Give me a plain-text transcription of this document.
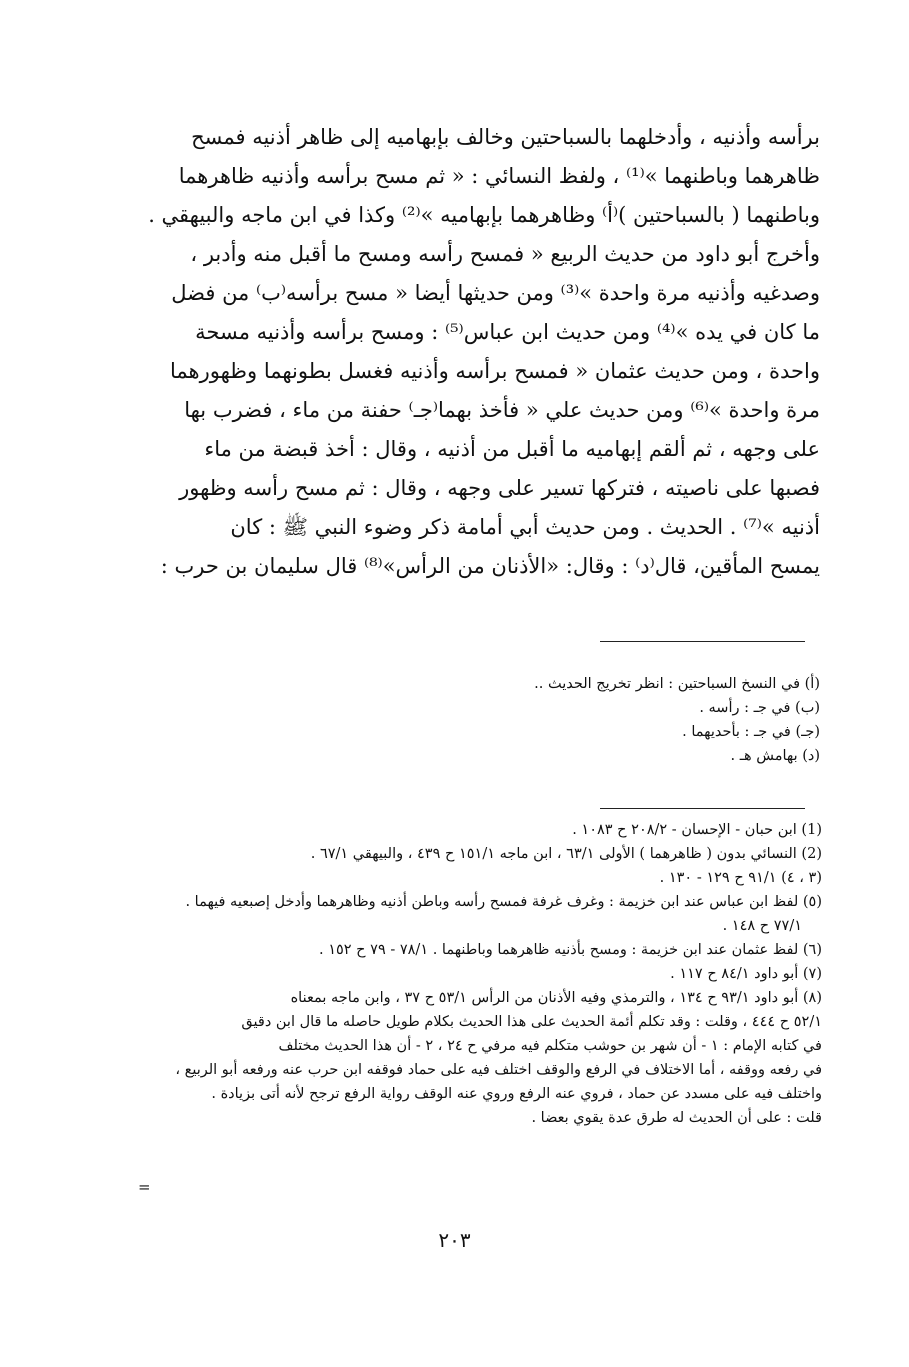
برأسه وأذنيه ، وأدخلهما بالسباحتين وخالف بإبهاميه إلى ظاهر أذنيه فمسح
ظاهرهما وباطنهما »⁽¹⁾ ، ولفظ النسائي : « ثم مسح برأسه وأذنيه ظاهرهما
وباطنهما ( بالسباحتين )⁽أ⁾ وظاهرهما بإبهاميه »⁽²⁾ وكذا في ابن ماجه والبيهقي .
وأخرج أبو داود من حديث الربيع « فمسح رأسه ومسح ما أقبل منه وأدبر ،
وصدغيه وأذنيه مرة واحدة »⁽³⁾ ومن حديثها أيضا « مسح برأسه⁽ب⁾ من فضل
ما كان في يده »⁽⁴⁾ ومن حديث ابن عباس⁽⁵⁾ : ومسح برأسه وأذنيه مسحة
واحدة ، ومن حديث عثمان « فمسح برأسه وأذنيه فغسل بطونهما وظهورهما
مرة واحدة »⁽⁶⁾ ومن حديث علي « فأخذ بهما⁽جـ⁾ حفنة من ماء ، فضرب بها
على وجهه ، ثم ألقم إبهاميه ما أقبل من أذنيه ، وقال : أخذ قبضة من ماء
فصبها على ناصيته ، فتركها تسير على وجهه ، وقال : ثم مسح رأسه وظهور
أذنيه »⁽⁷⁾ . الحديث . ومن حديث أبي أمامة ذكر وضوء النبي ﷺ : كان
يمسح المأقين، قال⁽د⁾ : وقال: «الأذنان من الرأس»⁽⁸⁾ قال سليمان بن حرب :
(أ) في النسخ السباحتين : انظر تخريج الحديث ..
(ب) في جـ : رأسه .
(جـ) في جـ : بأحديهما .
(د) بهامش هـ .
(1) ابن حبان - الإحسان - ٢٠٨/٢ ح ١٠٨٣ .
(2) النسائي بدون ( ظاهرهما ) الأولى ٦٣/١ ، ابن ماجه ١٥١/١ ح ٤٣٩ ، والبيهقي ٦٧/١ .
(٣ ، ٤) ٩١/١ ح ١٢٩ - ١٣٠ .
(٥) لفظ ابن عباس عند ابن خزيمة : وغرف غرفة فمسح رأسه وباطن أذنيه وظاهرهما وأدخل إصبعيه فيهما .
٧٧/١ ح ١٤٨ .
(٦) لفظ عثمان عند ابن خزيمة : ومسح بأذنيه ظاهرهما وباطنهما . ٧٨/١ - ٧٩ ح ١٥٢ .
(٧) أبو داود ٨٤/١ ح ١١٧ .
(٨) أبو داود ٩٣/١ ح ١٣٤ ، والترمذي وفيه الأذنان من الرأس ٥٣/١ ح ٣٧ ، وابن ماجه بمعناه
٥٢/١ ح ٤٤٤ ، وقلت : وقد تكلم أئمة الحديث على هذا الحديث بكلام طويل حاصله ما قال ابن دقيق
في كتابه الإمام : ١ - أن شهر بن حوشب متكلم فيه مرفي ح ٢٤ ، ٢ - أن هذا الحديث مختلف
في رفعه ووقفه ، أما الاختلاف في الرفع والوقف اختلف فيه على حماد فوقفه ابن حرب عنه ورفعه أبو الربيع ،
واختلف فيه على مسدد عن حماد ، فروي عنه الرفع وروي عنه الوقف رواية الرفع ترجح لأنه أتى بزيادة .
قلت : على أن الحديث له طرق عدة يقوي بعضا .
=
٢٠٣
